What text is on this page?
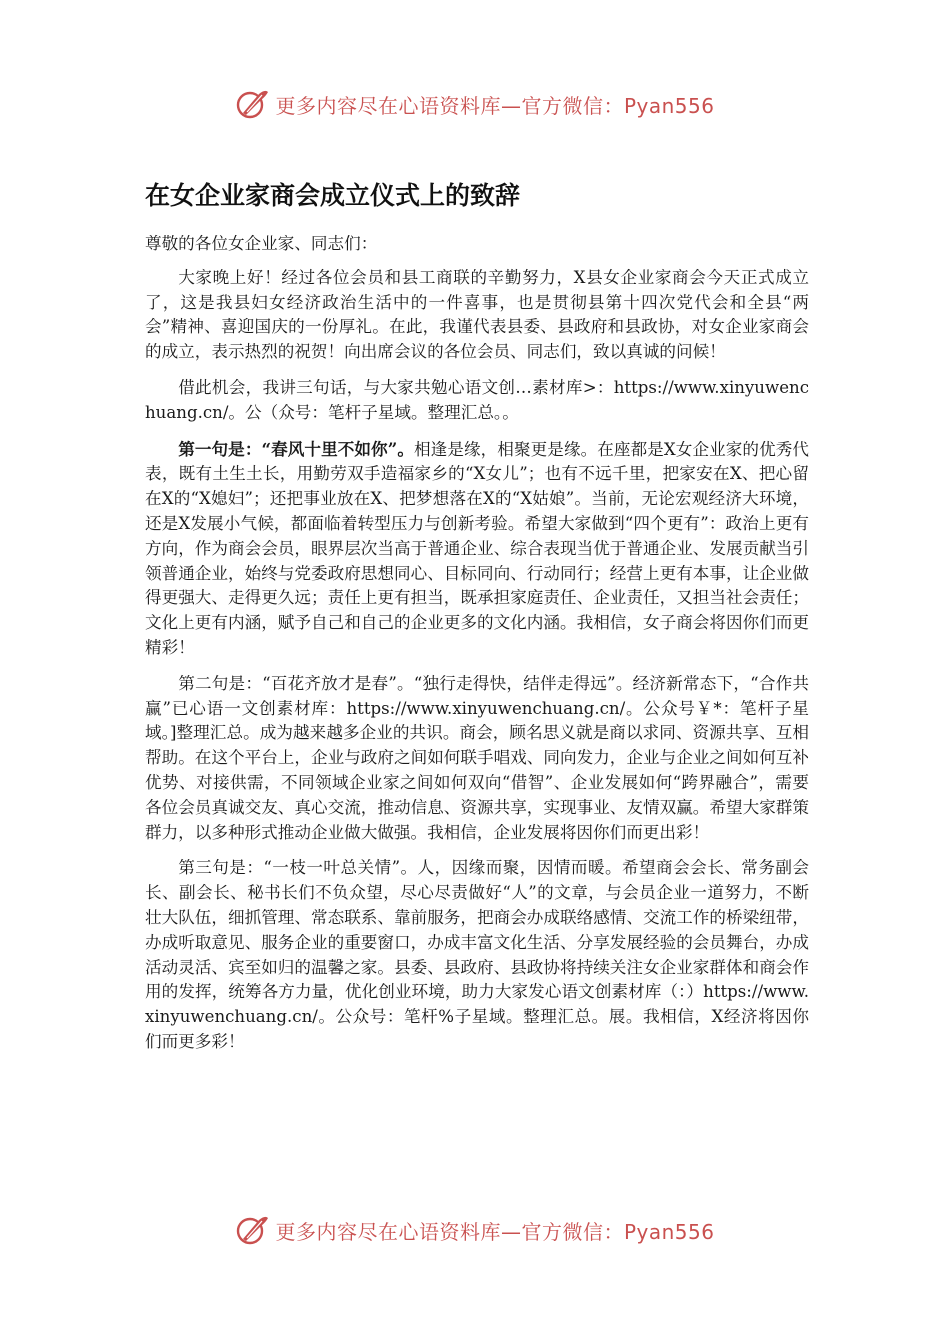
更多内容尽在心语资料库—官方微信：Pyan556
在女企业家商会成立仪式上的致辞

尊敬的各位女企业家、同志们：

大家晚上好！经过各位会员和县工商联的辛勤努力，X县女企业家商会今天正式成立了，这是我县妇女经济政治生活中的一件喜事，也是贯彻县第十四次党代会和全县“两会”精神、喜迎国庆的一份厚礼。在此，我谨代表县委、县政府和县政协，对女企业家商会的成立，表示热烈的祝贺！向出席会议的各位会员、同志们，致以真诚的问候！

借此机会，我讲三句话，与大家共勉心语文创…素材库>：https://www.xinyuwenchuang.cn/。公（众号：笔杆子星域。整理汇总。。

第一句是：“春风十里不如你”。相逢是缘，相聚更是缘。在座都是X女企业家的优秀代表，既有土生土长，用勤劳双手造福家乡的“X女儿”；也有不远千里，把家安在X、把心留在X的“X媳妇”；还把事业放在X、把梦想落在X的“X姑娘”。当前，无论宏观经济大环境，还是X发展小气候，都面临着转型压力与创新考验。希望大家做到“四个更有”：政治上更有方向，作为商会会员，眼界层次当高于普通企业、综合表现当优于普通企业、发展贡献当引领普通企业，始终与党委政府思想同心、目标同向、行动同行；经营上更有本事，让企业做得更强大、走得更久远；责任上更有担当，既承担家庭责任、企业责任，又担当社会责任；文化上更有内涵，赋予自己和自己的企业更多的文化内涵。我相信，女子商会将因你们而更精彩！

第二句是：“百花齐放才是春”。“独行走得快，结伴走得远”。经济新常态下，“合作共赢”已心语一文创素材库：https://www.xinyuwenchuang.cn/。公众号￥*：笔杆子星域。]整理汇总。成为越来越多企业的共识。商会，顾名思义就是商以求同、资源共享、互相帮助。在这个平台上，企业与政府之间如何联手唱戏、同向发力，企业与企业之间如何互补优势、对接供需，不同领域企业家之间如何双向“借智”、企业发展如何“跨界融合”，需要各位会员真诚交友、真心交流，推动信息、资源共享，实现事业、友情双赢。希望大家群策群力，以多种形式推动企业做大做强。我相信，企业发展将因你们而更出彩！

第三句是：“一枝一叶总关情”。人，因缘而聚，因情而暖。希望商会会长、常务副会长、副会长、秘书长们不负众望，尽心尽责做好“人”的文章，与会员企业一道努力，不断壮大队伍，细抓管理、常态联系、靠前服务，把商会办成联络感情、交流工作的桥梁纽带，办成听取意见、服务企业的重要窗口，办成丰富文化生活、分享发展经验的会员舞台，办成活动灵活、宾至如归的温馨之家。县委、县政府、县政协将持续关注女企业家群体和商会作用的发挥，统筹各方力量，优化创业环境，助力大家发心语文创素材库（：）https://www.xinyuwenchuang.cn/。公众号：笔杆%子星域。整理汇总。展。我相信，X经济将因你们而更多彩！

更多内容尽在心语资料库—官方微信：Pyan556
